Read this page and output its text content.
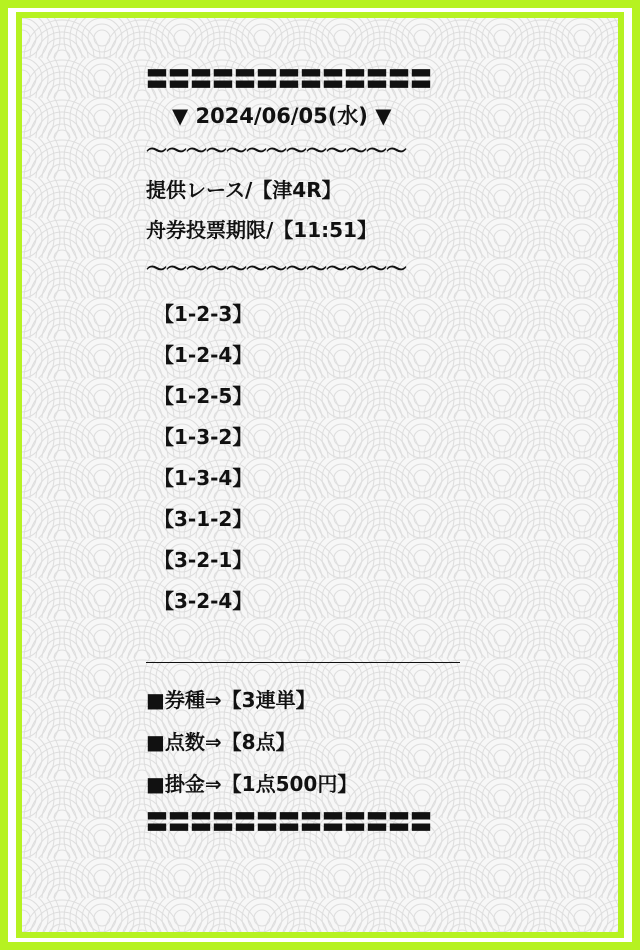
〓〓〓〓〓〓〓〓〓〓〓〓〓
▼ 2024/06/05(水) ▼
〜〜〜〜〜〜〜〜〜〜〜〜〜
提供レース/【津4R】
舟券投票期限/【11:51】
〜〜〜〜〜〜〜〜〜〜〜〜〜
【1-2-3】
【1-2-4】
【1-2-5】
【1-3-2】
【1-3-4】
【3-1-2】
【3-2-1】
【3-2-4】
■券種⇒【3連単】
■点数⇒【8点】
■掛金⇒【1点500円】
〓〓〓〓〓〓〓〓〓〓〓〓〓
